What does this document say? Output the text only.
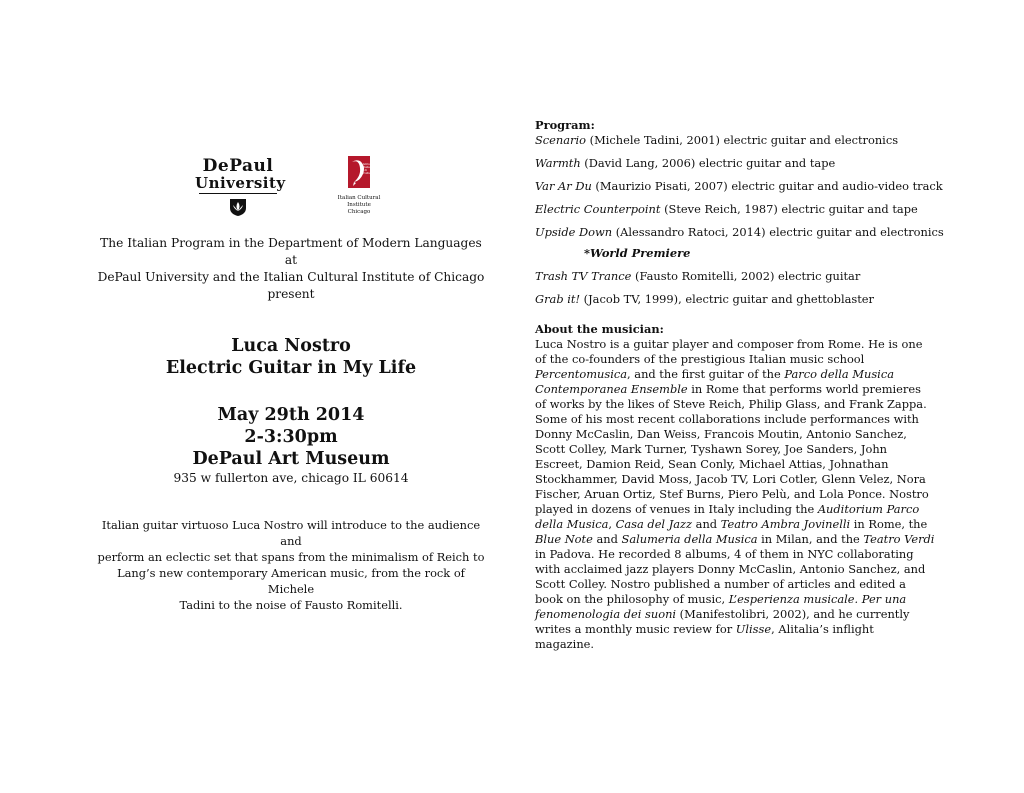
DePaul
University
Istituto
Italiano
di
Cultura
Italian Cultural Institute
Chicago
The Italian Program in the Department of Modern Languages at
DePaul University and the Italian Cultural Institute of Chicago
present
Luca Nostro
Electric Guitar in My Life
May 29th 2014
2-3:30pm
DePaul Art Museum
935 w fullerton ave, chicago IL 60614
Italian guitar virtuoso Luca Nostro will introduce to the audience and
perform an eclectic set that spans from the minimalism of Reich to
Lang’s new contemporary American music, from the rock of Michele
Tadini to the noise of Fausto Romitelli.
Program:
Scenario (Michele Tadini, 2001) electric guitar and electronics
Warmth (David Lang, 2006) electric guitar and tape
Var Ar Du (Maurizio Pisati, 2007) electric guitar and audio-video track
Electric Counterpoint (Steve Reich, 1987) electric guitar and tape
Upside Down (Alessandro Ratoci, 2014) electric guitar and electronics
*World Premiere
Trash TV Trance (Fausto Romitelli, 2002) electric guitar
Grab it! (Jacob TV, 1999), electric guitar and ghettoblaster
About the musician:

Luca Nostro is a guitar player and composer from Rome. He is one of the co-founders of the prestigious Italian music school Percentomusica, and the first guitar of the Parco della Musica Contemporanea Ensemble in Rome that performs world premieres of works by the likes of Steve Reich, Philip Glass, and Frank Zappa. Some of his most recent collaborations include performances with Donny McCaslin, Dan Weiss, Francois Moutin, Antonio Sanchez, Scott Colley, Mark Turner, Tyshawn Sorey, Joe Sanders, John Escreet, Damion Reid, Sean Conly, Michael Attias, Johnathan Stockhammer, David Moss, Jacob TV, Lori Cotler, Glenn Velez, Nora Fischer, Aruan Ortiz, Stef Burns, Piero Pelù, and Lola Ponce. Nostro played in dozens of venues in Italy including the Auditorium Parco della Musica, Casa del Jazz and Teatro Ambra Jovinelli in Rome, the Blue Note and Salumeria della Musica in Milan, and the Teatro Verdi in Padova. He recorded 8 albums, 4 of them in NYC collaborating with acclaimed jazz players Donny McCaslin, Antonio Sanchez, and Scott Colley. Nostro published a number of articles and edited a book on the philosophy of music, L’esperienza musicale. Per una fenomenologia dei suoni (Manifestolibri, 2002), and he currently writes a monthly music review for Ulisse, Alitalia’s inflight magazine.
